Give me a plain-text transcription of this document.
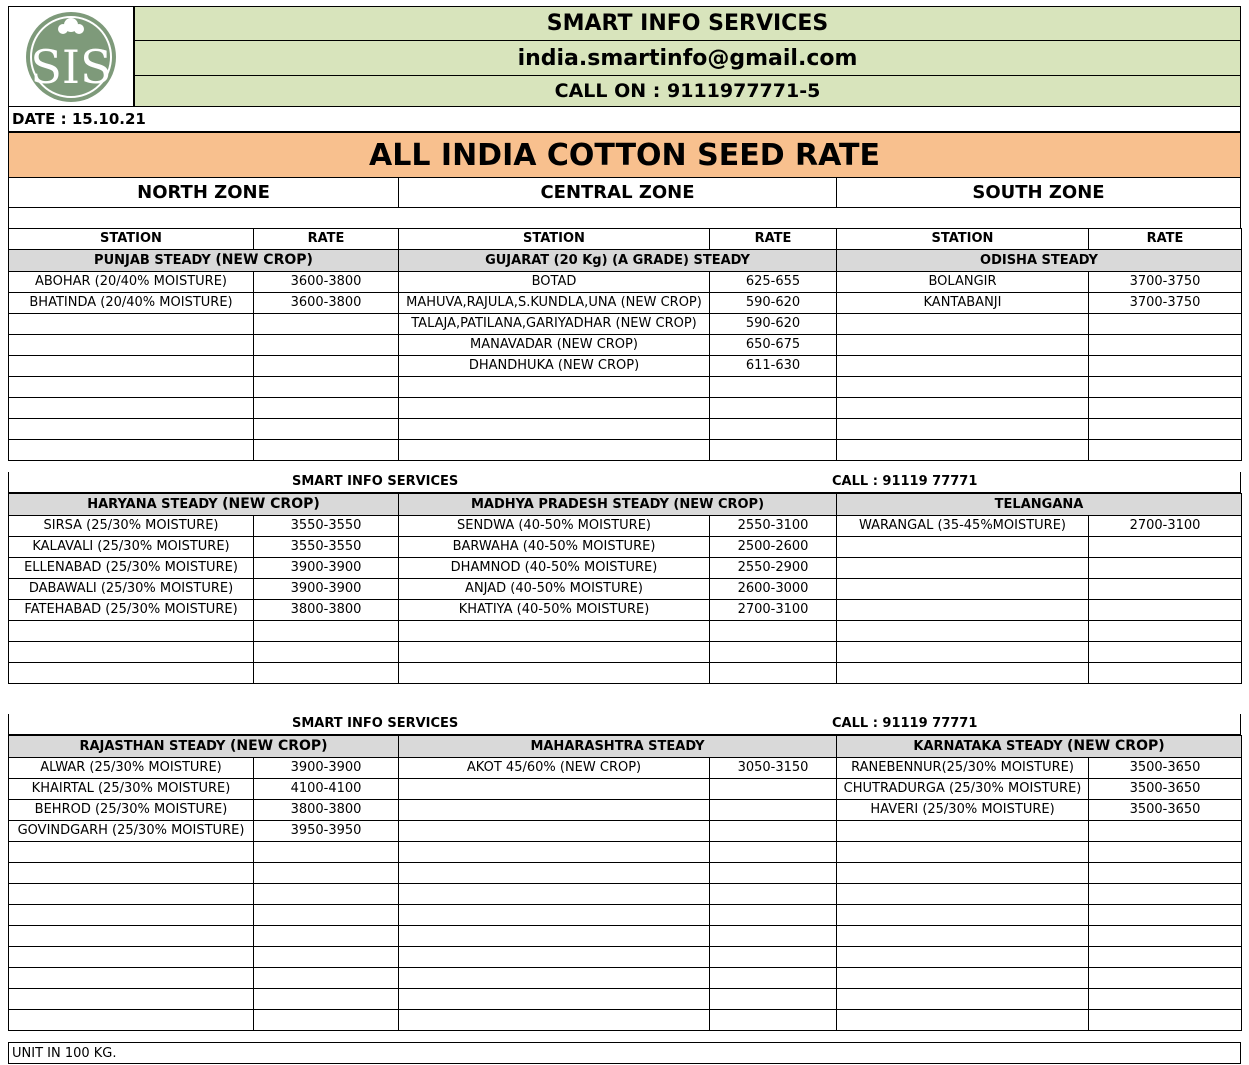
SIS
SMART INFO SERVICES
india.smartinfo@gmail.com
CALL ON : 9111977771-5
DATE : 15.10.21
ALL INDIA COTTON SEED RATE
NORTH ZONE	CENTRAL ZONE	SOUTH ZONE
STATION	RATE	STATION	RATE	STATION	RATE
PUNJAB STEADY (NEW CROP)		GUJARAT (20 Kg) (A GRADE) STEADY		ODISHA STEADY	
ABOHAR (20/40% MOISTURE)	3600-3800	BOTAD	625-655	BOLANGIR	3700-3750
BHATINDA (20/40% MOISTURE)	3600-3800	MAHUVA,RAJULA,S.KUNDLA,UNA (NEW CROP)	590-620	KANTABANJI	3700-3750
		TALAJA,PATILANA,GARIYADHAR (NEW CROP)	590-620		
		MANAVADAR (NEW CROP)	650-675		
		DHANDHUKA (NEW CROP)	611-630		

SMART INFO SERVICES	CALL : 91119 77771
HARYANA STEADY (NEW CROP)		MADHYA PRADESH STEADY (NEW CROP)		TELANGANA	
SIRSA (25/30% MOISTURE)	3550-3550	SENDWA (40-50% MOISTURE)	2550-3100	WARANGAL (35-45%MOISTURE)	2700-3100
KALAVALI (25/30% MOISTURE)	3550-3550	BARWAHA (40-50% MOISTURE)	2500-2600		
ELLENABAD (25/30% MOISTURE)	3900-3900	DHAMNOD (40-50% MOISTURE)	2550-2900		
DABAWALI (25/30% MOISTURE)	3900-3900	ANJAD (40-50% MOISTURE)	2600-3000		
FATEHABAD (25/30% MOISTURE)	3800-3800	KHATIYA (40-50% MOISTURE)	2700-3100		

SMART INFO SERVICES	CALL : 91119 77771
RAJASTHAN STEADY (NEW CROP)		MAHARASHTRA STEADY		KARNATAKA STEADY (NEW CROP)	
ALWAR (25/30% MOISTURE)	3900-3900	AKOT 45/60% (NEW CROP)	3050-3150	RANEBENNUR(25/30% MOISTURE)	3500-3650
KHAIRTAL (25/30% MOISTURE)	4100-4100			CHUTRADURGA (25/30% MOISTURE)	3500-3650
BEHROD (25/30% MOISTURE)	3800-3800			HAVERI (25/30% MOISTURE)	3500-3650
GOVINDGARH (25/30% MOISTURE)	3950-3950				

UNIT IN 100 KG.
